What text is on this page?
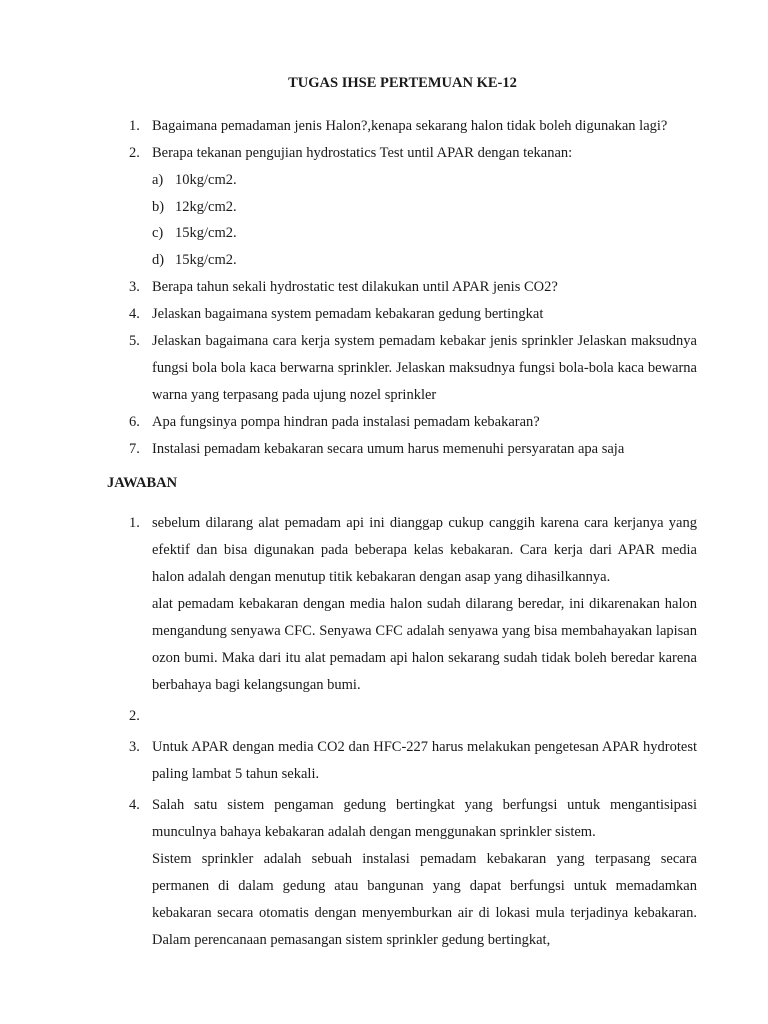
TUGAS IHSE PERTEMUAN KE-12
1. Bagaimana pemadaman jenis Halon?,kenapa sekarang halon tidak boleh digunakan lagi?
2. Berapa tekanan pengujian hydrostatics Test until APAR dengan tekanan:
a) 10kg/cm2.
b) 12kg/cm2.
c) 15kg/cm2.
d) 15kg/cm2.
3. Berapa tahun sekali hydrostatic test dilakukan until APAR jenis CO2?
4. Jelaskan bagaimana system pemadam kebakaran gedung bertingkat
5. Jelaskan bagaimana cara kerja system pemadam kebakar jenis sprinkler Jelaskan maksudnya fungsi bola bola kaca berwarna sprinkler. Jelaskan maksudnya fungsi bola-bola kaca bewarna warna yang terpasang pada ujung nozel sprinkler
6. Apa fungsinya pompa hindran pada instalasi pemadam kebakaran?
7. Instalasi pemadam kebakaran secara umum harus memenuhi persyaratan apa saja
JAWABAN
1. sebelum dilarang alat pemadam api ini dianggap cukup canggih karena cara kerjanya yang efektif dan bisa digunakan pada beberapa kelas kebakaran. Cara kerja dari APAR media halon adalah dengan menutup titik kebakaran dengan asap yang dihasilkannya.
alat pemadam kebakaran dengan media halon sudah dilarang beredar, ini dikarenakan halon mengandung senyawa CFC. Senyawa CFC adalah senyawa yang bisa membahayakan lapisan ozon bumi. Maka dari itu alat pemadam api halon sekarang sudah tidak boleh beredar karena berbahaya bagi kelangsungan bumi.
2.
3. Untuk APAR dengan media CO2 dan HFC-227 harus melakukan pengetesan APAR hydrotest paling lambat 5 tahun sekali.
4. Salah satu sistem pengaman gedung bertingkat yang berfungsi untuk mengantisipasi munculnya bahaya kebakaran adalah dengan menggunakan sprinkler sistem.
Sistem sprinkler adalah sebuah instalasi pemadam kebakaran yang terpasang secara permanen di dalam gedung atau bangunan yang dapat berfungsi untuk memadamkan kebakaran secara otomatis dengan menyemburkan air di lokasi mula terjadinya kebakaran. Dalam perencanaan pemasangan sistem sprinkler gedung bertingkat,
